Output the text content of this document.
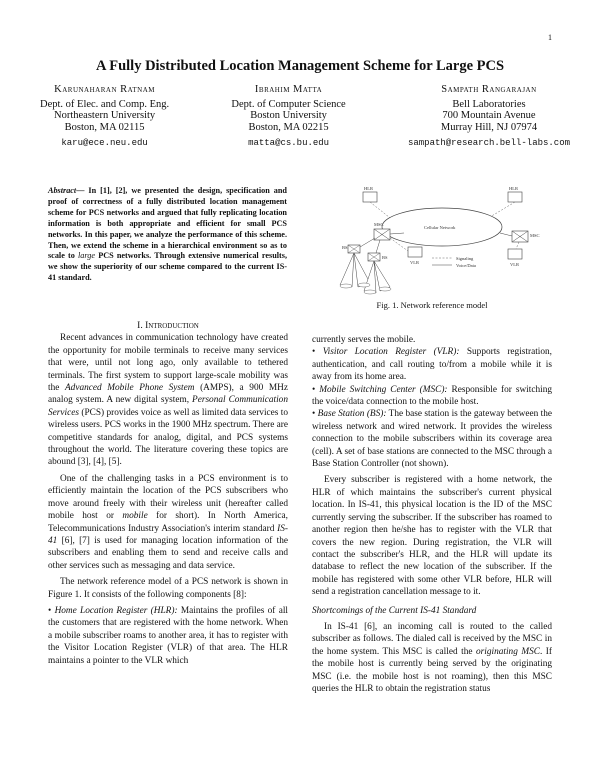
1
A Fully Distributed Location Management Scheme for Large PCS
Karunaharan Ratnam
Dept. of Elec. and Comp. Eng.
Northeastern University
Boston, MA 02115
karu@ece.neu.edu
Ibrahim Matta
Dept. of Computer Science
Boston University
Boston, MA 02215
matta@cs.bu.edu
Sampath Rangarajan
Bell Laboratories
700 Mountain Avenue
Murray Hill, NJ 07974
sampath@research.bell-labs.com
Abstract— In [1], [2], we presented the design, specification and proof of correctness of a fully distributed location management scheme for PCS networks and argued that fully replicating location information is both appropriate and efficient for small PCS networks. In this paper, we analyze the performance of this scheme. Then, we extend the scheme in a hierarchical environment so as to scale to large PCS networks. Through extensive numerical results, we show the superiority of our scheme compared to the current IS-41 standard.
HLR	HLR
Cellular Network
MSC
MSC
VLR	VLR
BS
BS	Signaling
Voice/Data
Fig. 1. Network reference model

I. Introduction

Recent advances in communication technology have created the opportunity for mobile terminals to receive many services that were, until not long ago, only available to tethered terminals. The first system to support large-scale mobility was the Advanced Mobile Phone System (AMPS), a 900 MHz analog system. A new digital system, Personal Communication Services (PCS) provides voice as well as limited data services to wireless users. PCS works in the 1900 MHz spectrum. There are competitive standards for analog, digital, and PCS systems throughout the world. The literature covering these topics are abound [3], [4], [5].

One of the challenging tasks in a PCS environment is to efficiently maintain the location of the PCS subscribers who move around freely with their wireless unit (hereafter called mobile host or mobile for short). In North America, Telecommunications Industry Association's interim standard IS-41 [6], [7] is used for managing location information of the subscribers and enabling them to send and receive calls and other services such as messaging and data service.

The network reference model of a PCS network is shown in Figure 1. It consists of the following components [8]:

• Home Location Register (HLR): Maintains the profiles of all the customers that are registered with the home network. When a mobile subscriber roams to another area, it has to register with the Visitor Location Register (VLR) of that area. The HLR maintains a pointer to the VLR which

currently serves the mobile.

• Visitor Location Register (VLR): Supports registration, authentication, and call routing to/from a mobile while it is away from its home area.

• Mobile Switching Center (MSC): Responsible for switching the voice/data connection to the mobile host.

• Base Station (BS): The base station is the gateway between the wireless network and wired network. It provides the wireless connection to the mobile subscribers within its coverage area (cell). A set of base stations are connected to the MSC through a Base Station Controller (not shown).

Every subscriber is registered with a home network, the HLR of which maintains the subscriber's current physical location. In IS-41, this physical location is the ID of the MSC currently serving the subscriber. If the subscriber has roamed to another region then he/she has to register with the VLR that covers the new region. During registration, the VLR will contact the subscriber's HLR, and the HLR will update its database to reflect the new location of the subscriber. If the mobile has registered with some other VLR before, HLR will send a registration cancellation message to it.

Shortcomings of the Current IS-41 Standard

In IS-41 [6], an incoming call is routed to the called subscriber as follows. The dialed call is received by the MSC in the home system. This MSC is called the originating MSC. If the mobile host is currently being served by the originating MSC (i.e. the mobile host is not roaming), then this MSC queries the HLR to obtain the registration status
